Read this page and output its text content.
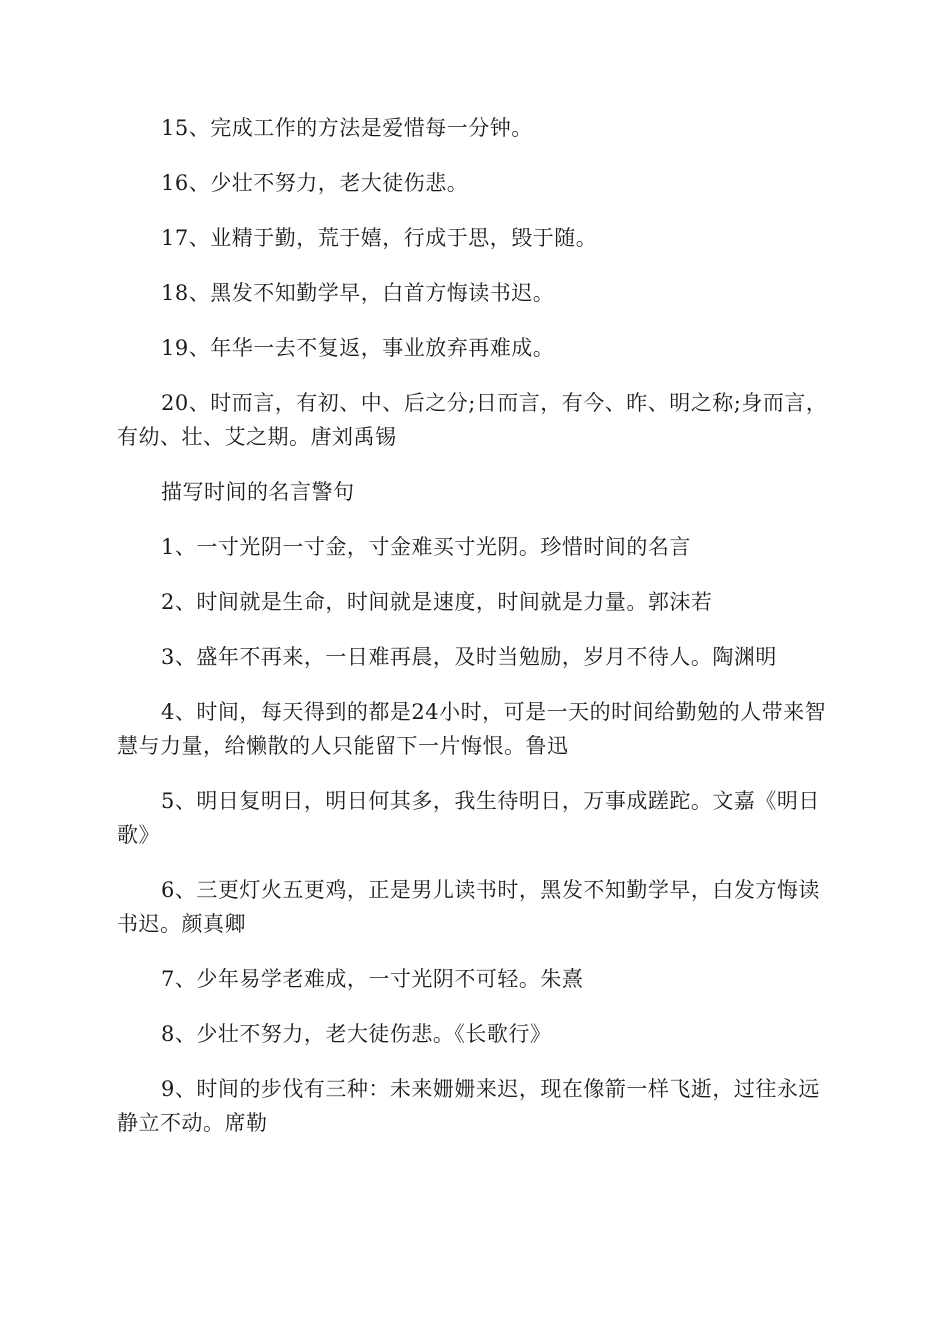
15、完成工作的方法是爱惜每一分钟。

16、少壮不努力，老大徒伤悲。

17、业精于勤，荒于嬉，行成于思，毁于随。

18、黑发不知勤学早，白首方悔读书迟。

19、年华一去不复返，事业放弃再难成。

20、时而言，有初、中、后之分;日而言，有今、昨、明之称;身而言，有幼、壮、艾之期。唐刘禹锡

描写时间的名言警句

1、一寸光阴一寸金，寸金难买寸光阴。珍惜时间的名言

2、时间就是生命，时间就是速度，时间就是力量。郭沫若

3、盛年不再来，一日难再晨，及时当勉励，岁月不待人。陶渊明

4、时间，每天得到的都是24小时，可是一天的时间给勤勉的人带来智慧与力量，给懒散的人只能留下一片悔恨。鲁迅

5、明日复明日，明日何其多，我生待明日，万事成蹉跎。文嘉《明日歌》

6、三更灯火五更鸡，正是男儿读书时，黑发不知勤学早，白发方悔读书迟。颜真卿

7、少年易学老难成，一寸光阴不可轻。朱熹

8、少壮不努力，老大徒伤悲。《长歌行》

9、时间的步伐有三种：未来姗姗来迟，现在像箭一样飞逝，过往永远静立不动。席勒
